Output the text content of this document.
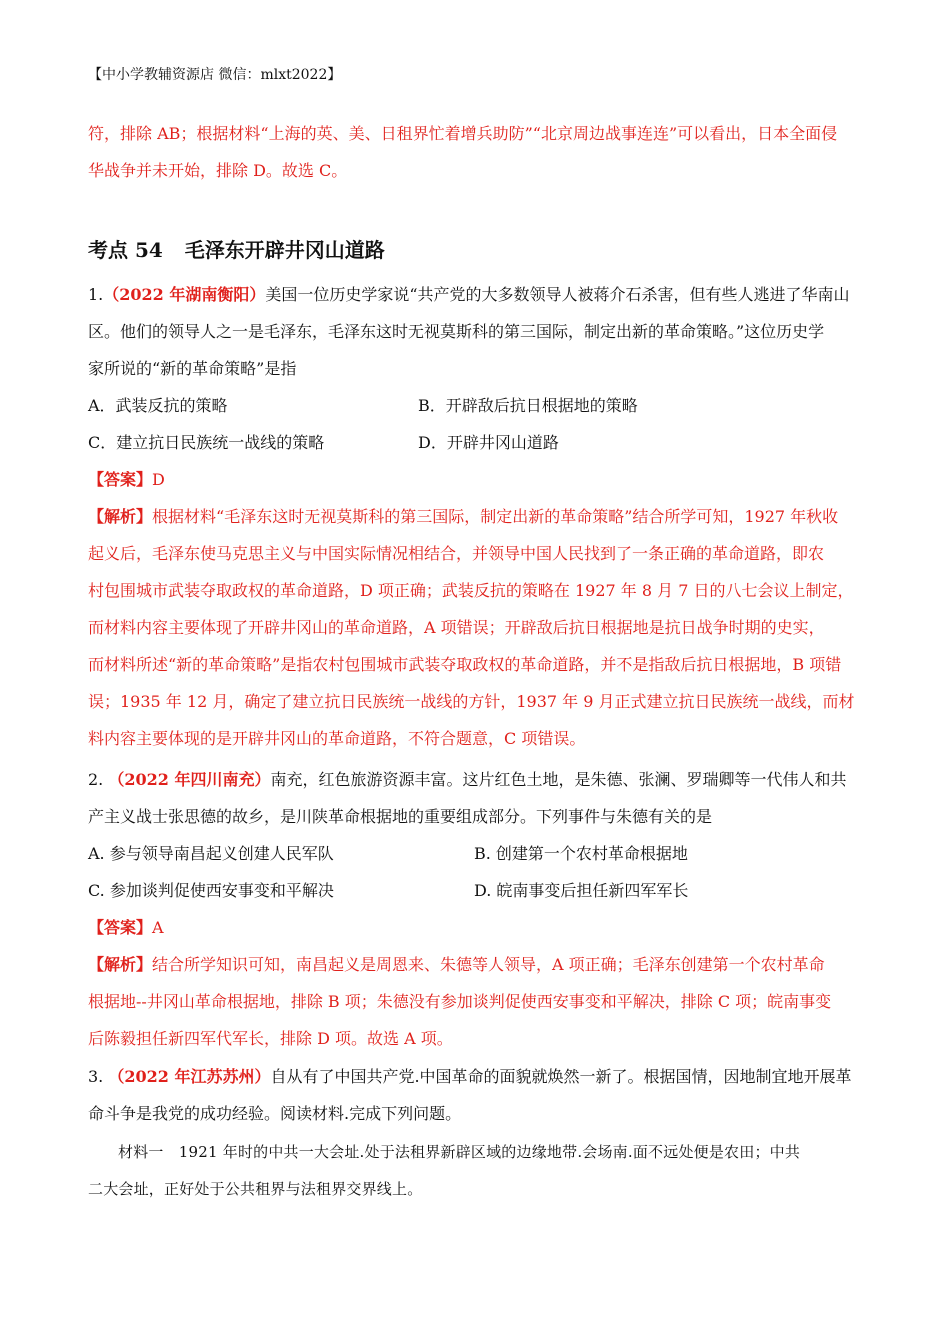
【中小学教辅资源店 微信：mlxt2022】
符，排除 AB；根据材料“上海的英、美、日租界忙着增兵助防”“北京周边战事连连”可以看出，日本全面侵
华战争并未开始，排除 D。故选 C。
考点 54 毛泽东开辟井冈山道路
1.（2022 年湖南衡阳）美国一位历史学家说“共产党的大多数领导人被蒋介石杀害，但有些人逃进了华南山
区。他们的领导人之一是毛泽东，毛泽东这时无视莫斯科的第三国际，制定出新的革命策略。”这位历史学
家所说的“新的革命策略”是指
A．武装反抗的策略	B．开辟敌后抗日根据地的策略
C．建立抗日民族统一战线的策略	D．开辟井冈山道路
【答案】D
【解析】根据材料“毛泽东这时无视莫斯科的第三国际，制定出新的革命策略”结合所学可知，1927 年秋收
起义后，毛泽东使马克思主义与中国实际情况相结合，并领导中国人民找到了一条正确的革命道路，即农
村包围城市武装夺取政权的革命道路，D 项正确；武装反抗的策略在 1927 年 8 月 7 日的八七会议上制定，
而材料内容主要体现了开辟井冈山的革命道路，A 项错误；开辟敌后抗日根据地是抗日战争时期的史实，
而材料所述“新的革命策略”是指农村包围城市武装夺取政权的革命道路，并不是指敌后抗日根据地，B 项错
误；1935 年 12 月，确定了建立抗日民族统一战线的方针，1937 年 9 月正式建立抗日民族统一战线，而材
料内容主要体现的是开辟井冈山的革命道路，不符合题意，C 项错误。
2. （2022 年四川南充）南充，红色旅游资源丰富。这片红色土地，是朱德、张澜、罗瑞卿等一代伟人和共
产主义战士张思德的故乡，是川陕革命根据地的重要组成部分。下列事件与朱德有关的是
A. 参与领导南昌起义创建人民军队	B. 创建第一个农村革命根据地
C. 参加谈判促使西安事变和平解决	D. 皖南事变后担任新四军军长
【答案】A
【解析】结合所学知识可知，南昌起义是周恩来、朱德等人领导，A 项正确；毛泽东创建第一个农村革命
根据地--井冈山革命根据地，排除 B 项；朱德没有参加谈判促使西安事变和平解决，排除 C 项；皖南事变
后陈毅担任新四军代军长，排除 D 项。故选 A 项。
3. （2022 年江苏苏州）自从有了中国共产党.中国革命的面貌就焕然一新了。根据国情，因地制宜地开展革
命斗争是我党的成功经验。阅读材料.完成下列问题。
材料一　1921 年时的中共一大会址.处于法租界新辟区域的边缘地带.会场南.面不远处便是农田；中共
二大会址，正好处于公共租界与法租界交界线上。
